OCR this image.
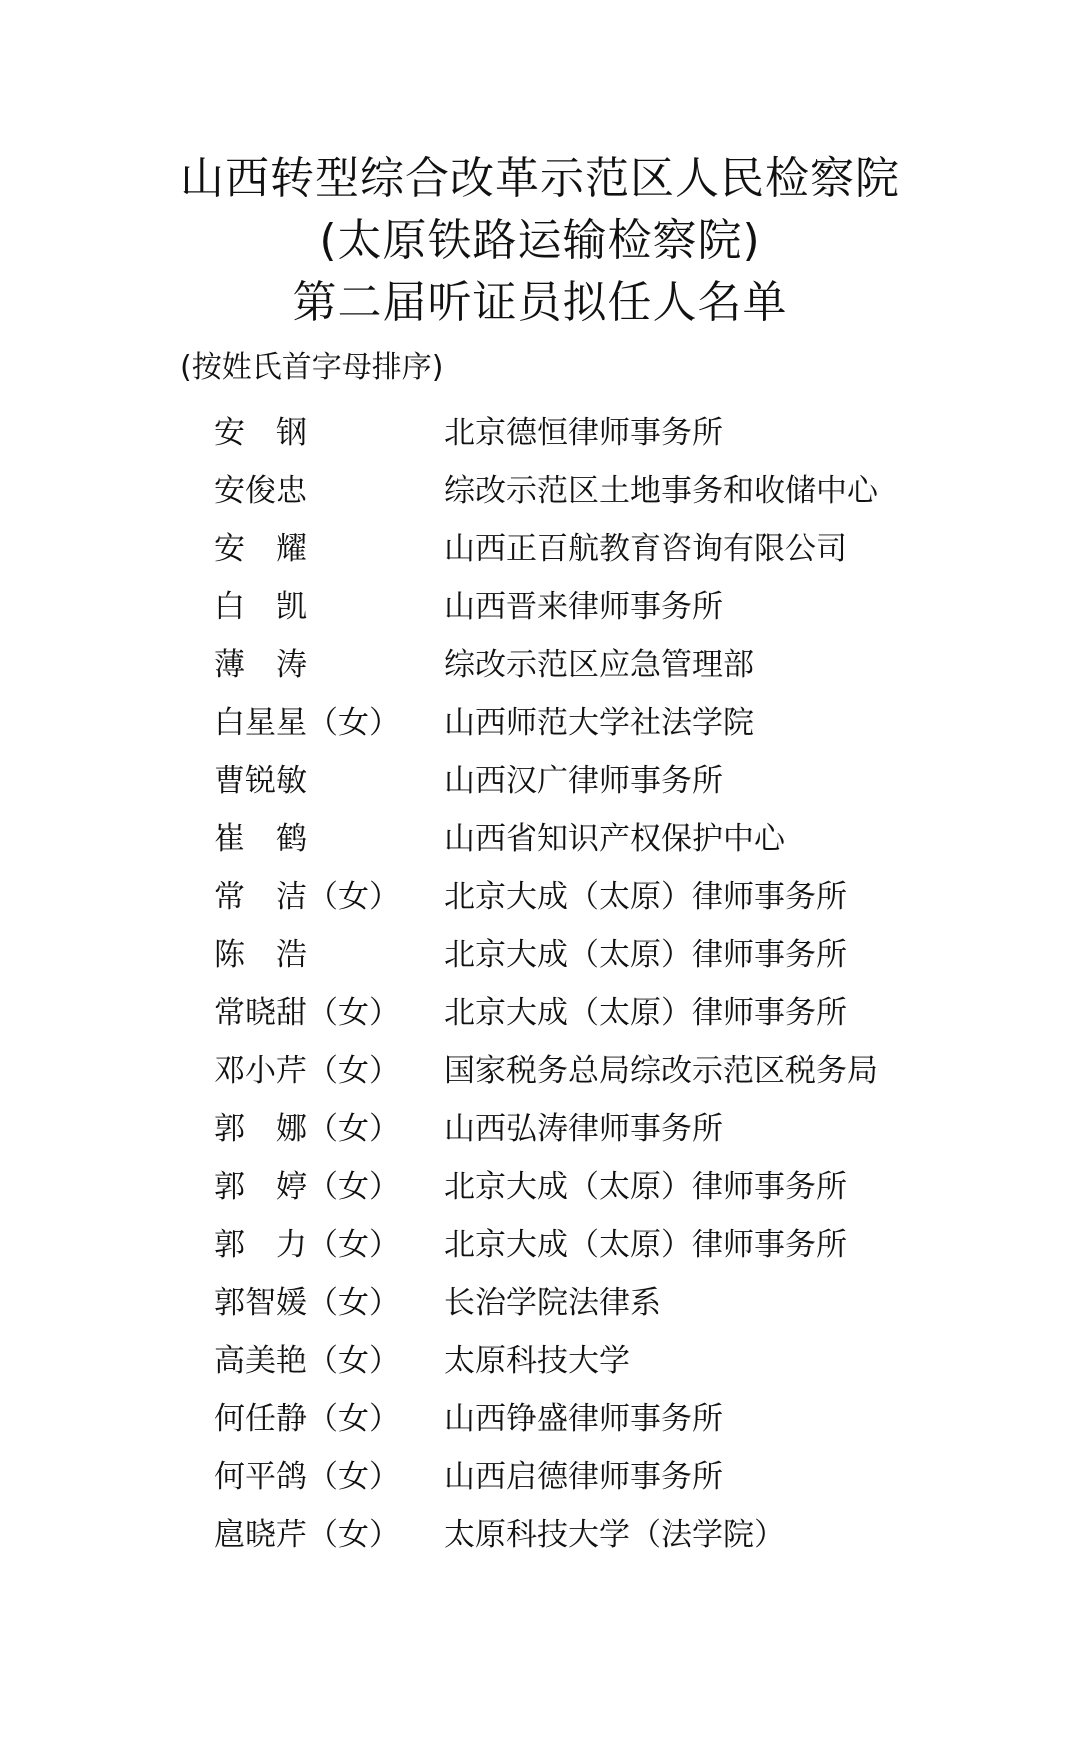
山西转型综合改革示范区人民检察院
(太原铁路运输检察院)
第二届听证员拟任人名单
(按姓氏首字母排序)
安　钢	北京德恒律师事务所
安俊忠	综改示范区土地事务和收储中心
安　耀	山西正百航教育咨询有限公司
白　凯	山西晋来律师事务所
薄　涛	综改示范区应急管理部
白星星（女） 山西师范大学社法学院
曹锐敏	山西汉广律师事务所
崔　鹤	山西省知识产权保护中心
常　洁（女） 北京大成（太原）律师事务所
陈　浩	北京大成（太原）律师事务所
常晓甜（女） 北京大成（太原）律师事务所
邓小芹（女） 国家税务总局综改示范区税务局
郭　娜（女） 山西弘涛律师事务所
郭　婷（女） 北京大成（太原）律师事务所
郭　力（女） 北京大成（太原）律师事务所
郭智媛（女） 长治学院法律系
高美艳（女） 太原科技大学
何任静（女） 山西铮盛律师事务所
何平鸽（女） 山西启德律师事务所
扈晓芹（女） 太原科技大学（法学院）
